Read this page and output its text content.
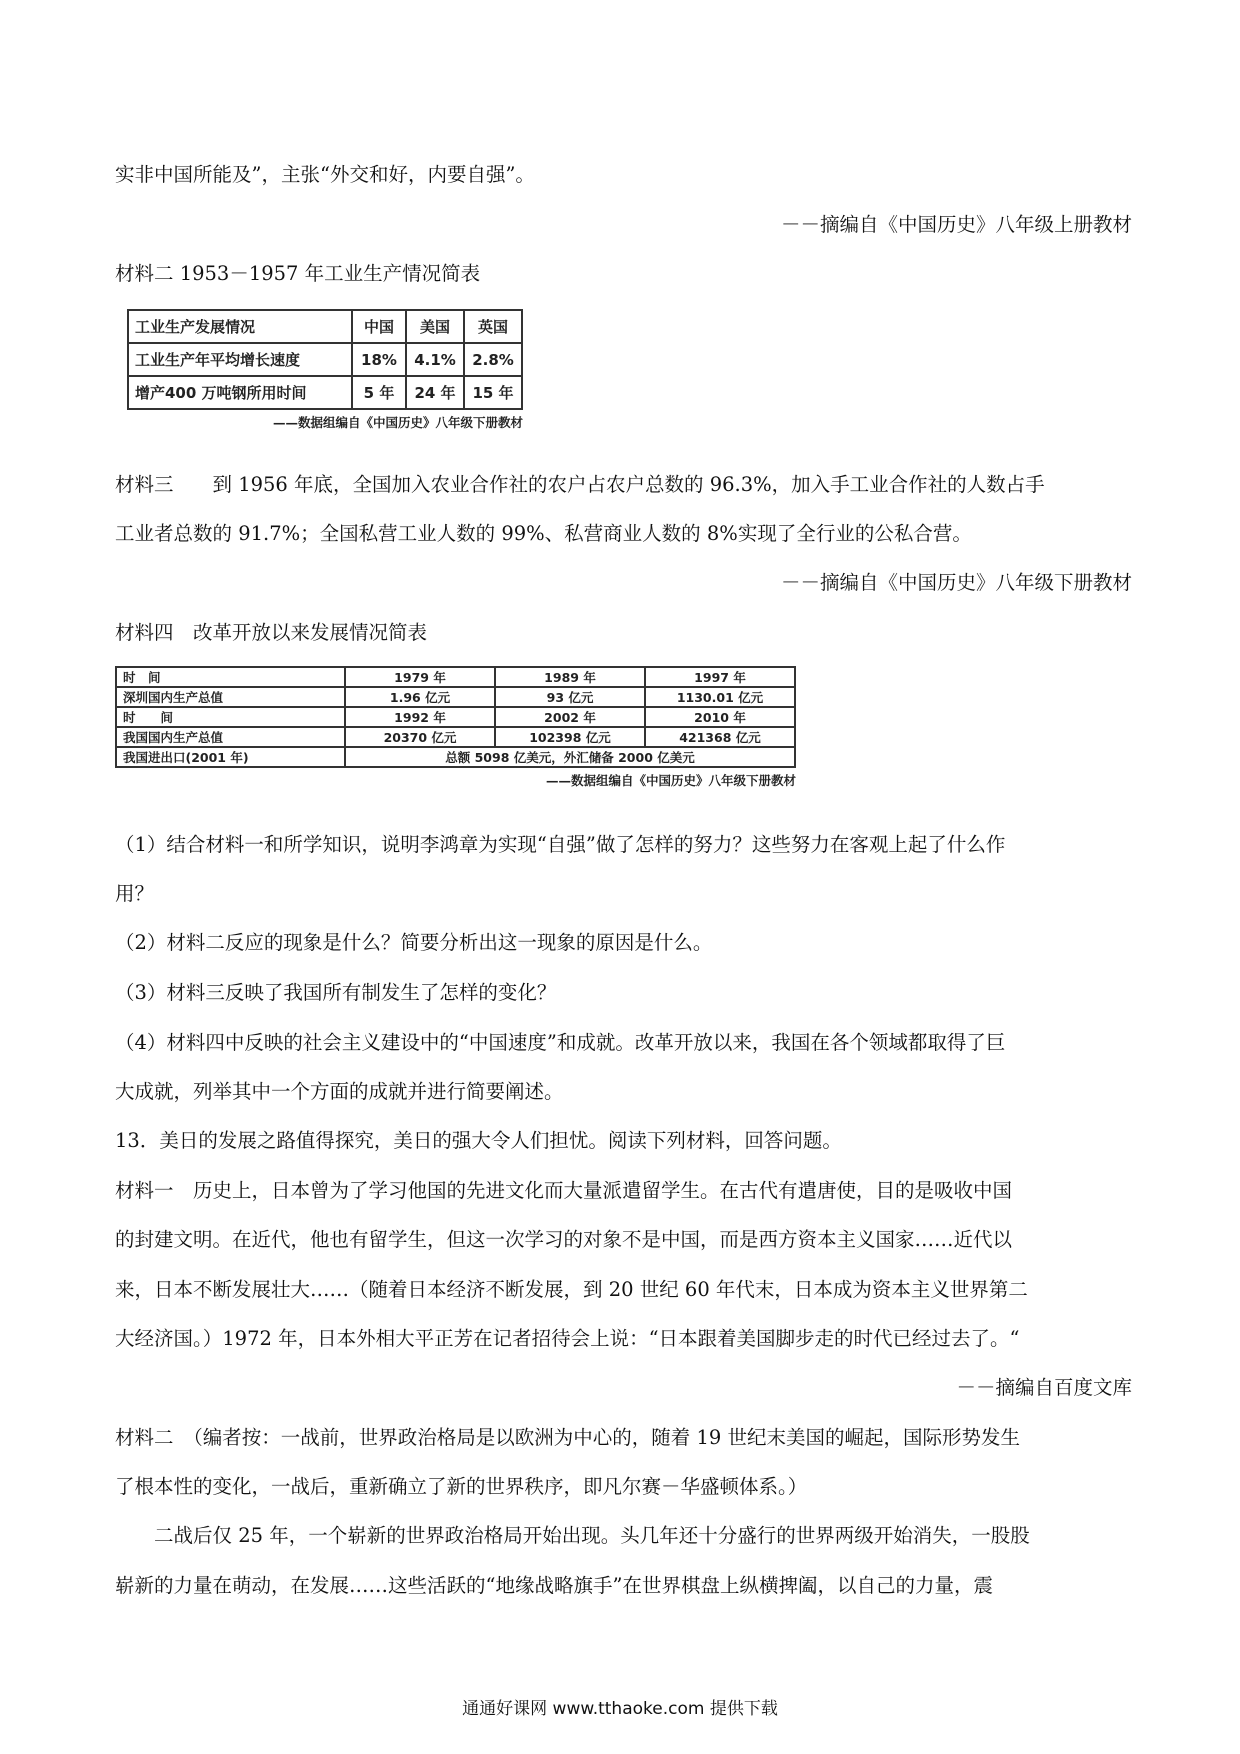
实非中国所能及”，主张“外交和好，内要自强”。
－－摘编自《中国历史》八年级上册教材
材料二 1953－1957 年工业生产情况简表
工业生产发展情况	中国	美国	英国
工业生产年平均增长速度	18%	4.1%	2.8%
增产400 万吨钢所用时间	5 年	24 年	15 年
——数据组编自《中国历史》八年级下册教材
材料三　　到 1956 年底，全国加入农业合作社的农户占农户总数的 96.3%，加入手工业合作社的人数占手
工业者总数的 91.7%；全国私营工业人数的 99%、私营商业人数的 8%实现了全行业的公私合营。
－－摘编自《中国历史》八年级下册教材
材料四　改革开放以来发展情况简表
时　间	1979 年	1989 年	1997 年
深圳国内生产总值	1.96 亿元	93 亿元	1130.01 亿元
时　　间	1992 年	2002 年	2010 年
我国国内生产总值	20370 亿元	102398 亿元	421368 亿元
我国进出口(2001 年)	总额 5098 亿美元，外汇储备 2000 亿美元		
——数据组编自《中国历史》八年级下册教材
（1）结合材料一和所学知识，说明李鸿章为实现“自强”做了怎样的努力？这些努力在客观上起了什么作
用？
（2）材料二反应的现象是什么？简要分析出这一现象的原因是什么。
（3）材料三反映了我国所有制发生了怎样的变化？
（4）材料四中反映的社会主义建设中的“中国速度”和成就。改革开放以来，我国在各个领域都取得了巨
大成就，列举其中一个方面的成就并进行简要阐述。
13．美日的发展之路值得探究，美日的强大令人们担忧。阅读下列材料，回答问题。
材料一　历史上，日本曾为了学习他国的先进文化而大量派遣留学生。在古代有遣唐使，目的是吸收中国
的封建文明。在近代，他也有留学生，但这一次学习的对象不是中国，而是西方资本主义国家……近代以
来，日本不断发展壮大……（随着日本经济不断发展，到 20 世纪 60 年代末，日本成为资本主义世界第二
大经济国。）1972 年，日本外相大平正芳在记者招待会上说：“日本跟着美国脚步走的时代已经过去了。“
－－摘编自百度文库
材料二　（编者按：一战前，世界政治格局是以欧洲为中心的，随着 19 世纪末美国的崛起，国际形势发生
了根本性的变化，一战后，重新确立了新的世界秩序，即凡尔赛－华盛顿体系。）
　　二战后仅 25 年，一个崭新的世界政治格局开始出现。头几年还十分盛行的世界两级开始消失，一股股
崭新的力量在萌动，在发展……这些活跃的“地缘战略旗手”在世界棋盘上纵横捭阖，以自己的力量，震
通通好课网 www.tthaoke.com 提供下载
